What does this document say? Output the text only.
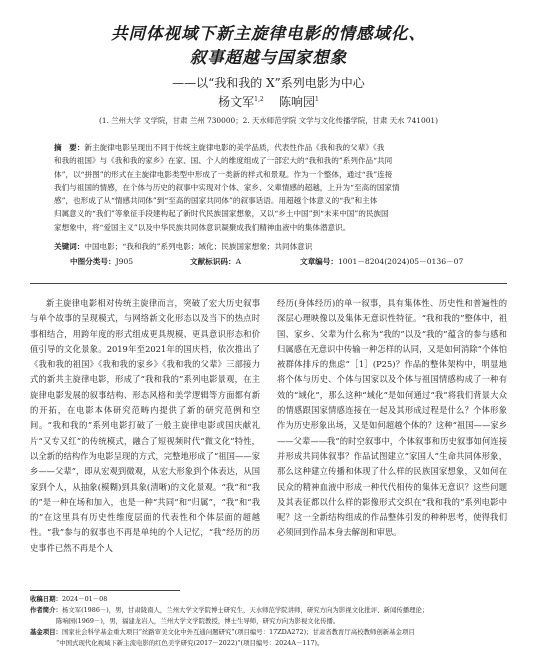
共同体视域下新主旋律电影的情感域化、
叙事超越与国家想象
——以“我和我的 X”系列电影为中心
杨文军$^{1,2}$ 陈响园$^1$
(1. 兰州大学 文学院，甘肃 兰州 730000；2. 天水师范学院 文学与文化传播学院，甘肃 天水 741001)
摘　要：新主旋律电影呈现出不同于传统主旋律电影的美学品质，代表性作品《我和我的父辈》《我
和我的祖国》与《我和我的家乡》在家、国、个人的维度组成了一部宏大的“我和我的”系列作品“共同
体”，以“拼图”的形式在主旋律电影类型中形成了一类新的样式和景观。作为一个整体，通过“我”连接
我们与祖国的情感，在个体与历史的叙事中实现对个体、家乡、父辈情感的超越，上升为“至高的国家情
感”，也形成了从“情感共同体”到“至高的国家共同体”的叙事话语。用超越个体意义的“我”和主体
归属意义的“我们”等象征手段建构起了新时代民族国家想象，又以“乡土中国”到“未来中国”的民族国
家想象中，将“爱国主义”以及中华民族共同体意识凝聚成我们精神血液中的集体潜意识。
关键词：中国电影；“我和我的”系列电影；域化；民族国家想象；共同体意识
中图分类号：J905	文献标识码：A	文章编号：1001－8204(2024)05－0136－07

新主旋律电影相对传统主旋律而言，突破了宏大历史叙事与单个故事的呈现模式，与网络新文化形态以及当下的热点时事相结合，用跨年度的形式组成更具规模、更具意识形态和价值引导的文化景象。2019年至2021年的国庆档，依次推出了《我和我的祖国》《我和我的家乡》《我和我的父辈》三部接力式的新共主旋律电影，形成了“我和我的”系列电影景观，在主旋律电影发展的叙事结构、形态风格和美学逻辑等方面都有新的开拓，在电影本体研究范畴内提供了新的研究范例和空间。“我和我的”系列电影打破了一般主旋律电影或国庆献礼片“又专又红”的传统模式，融合了短视频时代“微文化”特性，以全新的结构作为电影呈现的方式，完整地形成了“祖国——家乡——父辈”，即从宏观到微观，从宏大形象到个体表达，从国家到个人，从抽象(模糊)到具象(清晰)的文化景观。“我”和“我的”是一种在场和加入，也是一种“共同”和“归属”，“我”和“我的”在这里具有历史性维度层面的代表性和个体层面的超越性。“我”参与的叙事也不再是单纯的个人记忆，“我”经历的历史事件已然不再是个人

经历(身体经历)的单一叙事，具有集体性、历史性和普遍性的深层心理映像以及集体无意识性特征。“我和我的”整体中，祖国、家乡、父辈为什么称为“我的”以及“我的”蕴含的参与感和归属感在无意识中传输一种怎样的认同，又是如何消除“个体怕被群体排斥的焦虑”［1］(P25)？作品的整体架构中，明显地将个体与历史、个体与国家以及个体与祖国情感构成了一种有效的“域化”，那么这种“域化”是如何通过“我”将我们背景大众的情感跟国家情感连接在一起及其形成过程是什么？个体形象作为历史形象出场，又是如何超越个体的？这种“祖国——家乡——父辈——我”的时空叙事中，个体叙事和历史叙事如何连接并形成共同体叙事？作品试图建立“家国人”生命共同体形象，那么这种建立传播和体现了什么样的民族国家想象，又如何在民众的精神血液中形成一种代代相传的集体无意识？这些问题及其表征都以什么样的影像形式交织在“我和我的”系列电影中呢？这一全新结构组成的作品整体引发的种种思考，使得我们必须回到作品本身去解剖和审思。

收稿日期：2024－01－08
作者简介：杨文军(1986－)，男，甘肃陇南人，兰州大学文学院博士研究生，天水师范学院讲师，研究方向为影视文化批评、新闻传播理论；
陈响园(1969－)，男，福建龙岩人，兰州大学文学院教授，博士生导师，研究方向为影视文化传播。
基金项目：国家社会科学基金重大项目“丝路审美文化中外互通问题研究”(项目编号：17ZDA272)；甘肃省教育厅高校教师创新基金项目
“中国式现代化视域下新主流电影的红色美学研究(2017－2022)”(项目编号：2024A－117)。
